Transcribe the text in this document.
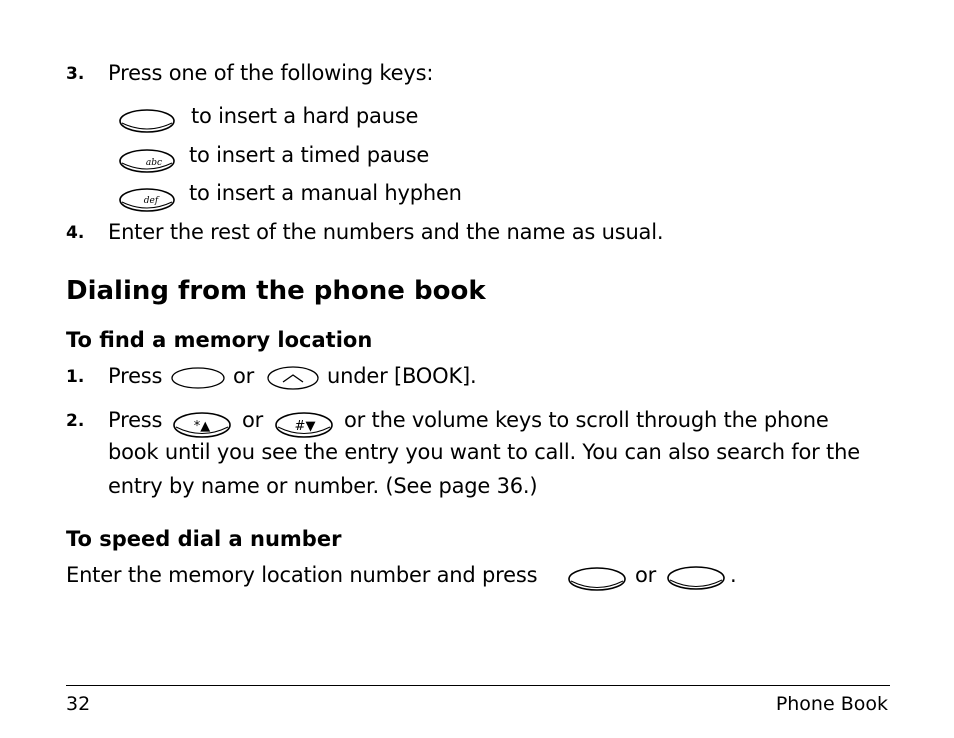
3. Press one of the following keys:
to insert a hard pause
abc to insert a timed pause
def to insert a manual hyphen
4. Enter the rest of the numbers and the name as usual.
Dialing from the phone book
To find a memory location
1. Press	or	under [BOOK].
2. Press *▲ or #▼ or the volume keys to scroll through the phone
book until you see the entry you want to call. You can also search for the
entry by name or number. (See page 36.)
To speed dial a number
Enter the memory location number and press	or	.
32	Phone Book
